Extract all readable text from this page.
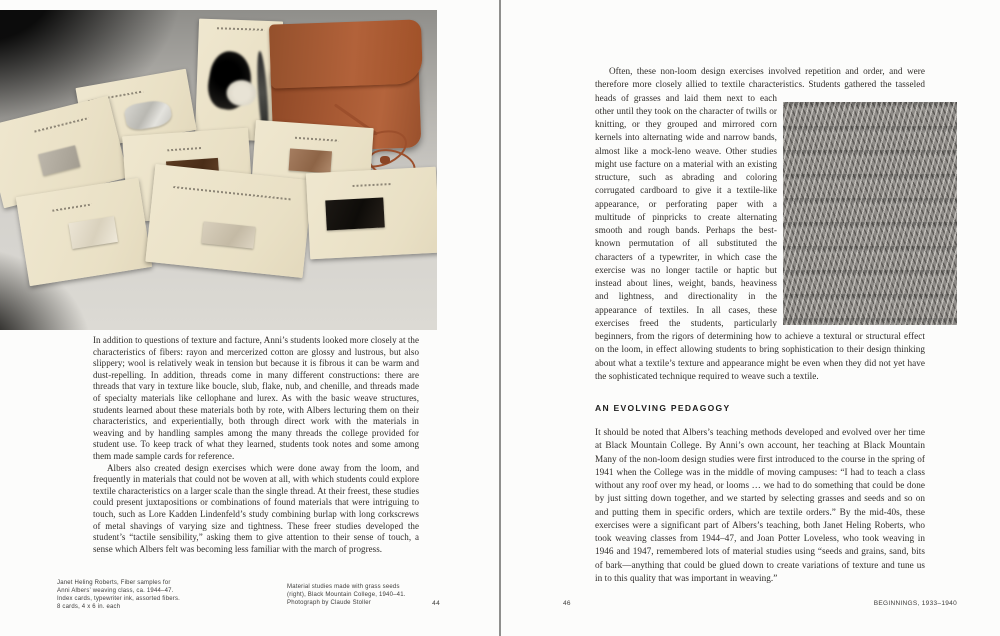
In addition to questions of texture and facture, Anni’s students looked more closely at the characteristics of fibers: rayon and mercerized cotton are glossy and lustrous, but also slippery; wool is relatively weak in tension but because it is fibrous it can be warm and dust-repelling. In addition, threads come in many different constructions: there are threads that vary in texture like boucle, slub, flake, nub, and chenille, and threads made of specialty materials like cellophane and lurex. As with the basic weave structures, students learned about these materials both by rote, with Albers lecturing them on their characteristics, and experientially, both through direct work with the materials in weaving and by handling samples among the many threads the college provided for student use. To keep track of what they learned, students took notes and some among them made sample cards for reference.

Albers also created design exercises which were done away from the loom, and frequently in materials that could not be woven at all, with which students could explore textile characteristics on a larger scale than the single thread. At their freest, these studies could present juxtapositions or combinations of found materials that were intriguing to touch, such as Lore Kadden Lindenfeld’s study combining burlap with long corkscrews of metal shavings of varying size and tightness. These freer studies developed the student’s “tactile sensibility,” asking them to give attention to their sense of touch, a sense which Albers felt was becoming less familiar with the march of progress.

Janet Heling Roberts, Fiber samples for
Anni Albers’ weaving class, ca. 1944–47.
Index cards, typewriter ink, assorted fibers.
8 cards, 4 x 6 in. each
Material studies made with grass seeds
(right), Black Mountain College, 1940–41.
Photograph by Claude Stoller	44

Often, these non-loom design exercises involved repetition and order, and were therefore more closely allied to textile characteristics. Students gathered the tasseled heads of grasses and laid them next to each other until they took on the character of twills or knitting, or they grouped and mirrored corn kernels into alternating wide and narrow bands, almost like a mock-leno weave. Other studies might use facture on a material with an existing structure, such as abrading and coloring corrugated cardboard to give it a textile-like appearance, or perforating paper with a multitude of pinpricks to create alternating smooth and rough bands. Perhaps the best-known permutation of all substituted the characters of a typewriter, in which case the exercise was no longer tactile or haptic but instead about lines, weight, bands, heaviness and lightness, and directionality in the appearance of textiles. In all cases, these exercises freed the students, particularly beginners, from the rigors of determining how to achieve a textural or structural effect on the loom, in effect allowing students to bring sophistication to their design thinking about what a textile’s texture and appearance might be even when they did not yet have the sophisticated technique required to weave such a textile.

AN EVOLVING PEDAGOGY

It should be noted that Albers’s teaching methods developed and evolved over her time at Black Mountain College. By Anni’s own account, her teaching at Black Mountain Many of the non-loom design studies were first introduced to the course in the spring of 1941 when the College was in the middle of moving campuses: “I had to teach a class without any roof over my head, or looms … we had to do something that could be done by just sitting down together, and we started by selecting grasses and seeds and so on and putting them in specific orders, which are textile orders.” By the mid-40s, these exercises were a significant part of Albers’s teaching, both Janet Heling Roberts, who took weaving classes from 1944–47, and Joan Potter Loveless, who took weaving in 1946 and 1947, remembered lots of material studies using “seeds and grains, sand, bits of bark—anything that could be glued down to create variations of texture and tune us in to this quality that was important in weaving.”

46	BEGINNINGS, 1933–1940
